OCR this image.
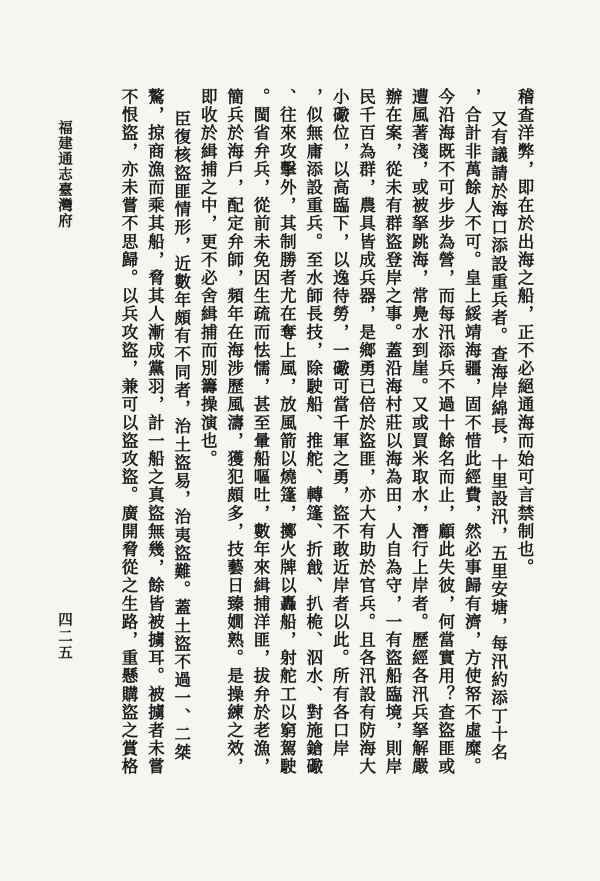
福建通志臺灣府
四二五
稽查洋弊，即在於出海之船，正不必絕通海而始可言禁制也。
又有議請於海口添設重兵者。查海岸綿長，十里設汛，五里安塘，每汛約添丁十名
，合計非萬餘人不可。皇上綏靖海疆，固不惜此經費，然必事歸有濟，方使帑不虛糜。
今沿海既不可步步為營，而每汛添兵不過十餘名而止，顧此失彼，何當實用？查盜匪或
遭風著淺，或被拏跳海，常鳧水到崖。又或買米取水，潛行上岸者。歷經各汛兵拏解嚴
辦在案，從未有群盜登岸之事。蓋沿海村莊以海為田，人自為守，一有盜船臨境，則岸
民千百為群，農具皆成兵器，是鄉勇已倍於盜匪，亦大有助於官兵。且各汛設有防海大
小礮位，以高臨下，以逸待勞，一礮可當千軍之勇，盜不敢近岸者以此。所有各口岸
，似無庸添設重兵。至水師長技，除駛船、推舵、轉篷、折戧、扒桅、泅水、對施鎗礮
、往來攻擊外，其制勝者尤在奪上風，放風箭以燒篷，擲火牌以轟船，射舵工以窮駕駛
。閩省弁兵，從前未免因生疏而怯懦，甚至暈船嘔吐，數年來緝捕洋匪，拔弁於老漁，
簡兵於海戶，配定弁師，頻年在海涉歷風濤，獲犯頗多，技藝日臻嫺熟。是操練之效，
即收於緝捕之中，更不必舍緝捕而別籌操演也。
臣復核盜匪情形，近數年頗有不同者，治土盜易，治夷盜難。蓋土盜不過一、二桀
驁，掠商漁而乘其船，脅其人漸成黨羽，計一船之真盜無幾，餘皆被擄耳。被擄者未嘗
不恨盜，亦未嘗不思歸。以兵攻盜，兼可以盜攻盜。廣開脅從之生路，重懸購盜之賞格
